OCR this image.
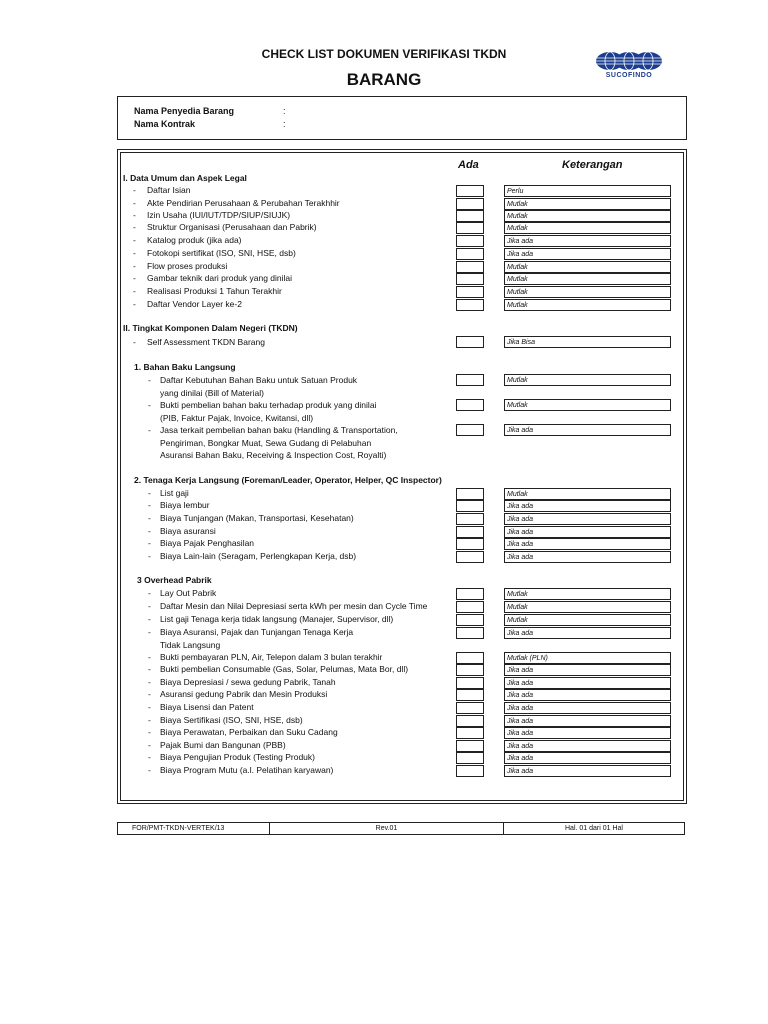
CHECK LIST DOKUMEN VERIFIKASI TKDN
BARANG	SUCOFINDO
Nama Penyedia Barang	:
Nama Kontrak	:
Ada	Keterangan
I. Data Umum dan Aspek Legal
- Daftar Isian	Perlu
- Akte Pendirian Perusahaan & Perubahan Terakhhir	Mutlak
- Izin Usaha (IUI/IUT/TDP/SIUP/SIUJK)	Mutlak
- Struktur Organisasi (Perusahaan dan Pabrik)	Mutlak
- Katalog produk (jika ada)	Jika ada
- Fotokopi sertifikat (ISO, SNI, HSE, dsb)	Jika ada
- Flow proses produksi	Mutlak
- Gambar teknik dari produk yang dinilai	Mutlak
- Realisasi Produksi 1 Tahun Terakhir	Mutlak
- Daftar Vendor Layer ke-2	Mutlak
II. Tingkat Komponen Dalam Negeri (TKDN)
- Self Assessment TKDN Barang	Jika Bisa
1. Bahan Baku Langsung
- Daftar Kebutuhan Bahan Baku untuk Satuan Produk
yang dinilai (Bill of Material)
Mutlak
- Bukti pembelian bahan baku terhadap produk yang dinilai
(PIB, Faktur Pajak, Invoice, Kwitansi, dll)
Mutlak
- Jasa terkait pembelian bahan baku (Handling & Transportation,
Pengiriman, Bongkar Muat, Sewa Gudang di Pelabuhan
Asuransi Bahan Baku, Receiving & Inspection Cost, Royalti)
Jika ada
2. Tenaga Kerja Langsung (Foreman/Leader, Operator, Helper, QC Inspector)
- List gaji	Mutlak
- Biaya lembur	Jika ada
- Biaya Tunjangan (Makan, Transportasi, Kesehatan)	Jika ada
- Biaya asuransi	Jika ada
- Biaya Pajak Penghasilan	Jika ada
- Biaya Lain-lain (Seragam, Perlengkapan Kerja, dsb)	Jika ada
3 Overhead Pabrik
- Lay Out Pabrik	Mutlak
- Daftar Mesin dan Nilai Depresiasi serta kWh per mesin dan Cycle Time	Mutlak
- List gaji Tenaga kerja tidak langsung (Manajer, Supervisor, dll)	Mutlak
- Biaya Asuransi, Pajak dan Tunjangan Tenaga Kerja
Tidak Langsung
Jika ada
- Bukti pembayaran PLN, Air, Telepon dalam 3 bulan terakhir	Mutlak (PLN)
- Bukti pembelian Consumable (Gas, Solar, Pelumas, Mata Bor, dll)	Jika ada
- Biaya Depresiasi / sewa gedung Pabrik, Tanah	Jika ada
- Asuransi gedung Pabrik dan Mesin Produksi	Jika ada
- Biaya Lisensi dan Patent	Jika ada
- Biaya Sertifikasi (ISO, SNI, HSE, dsb)	Jika ada
- Biaya Perawatan, Perbaikan dan Suku Cadang	Jika ada
- Pajak Bumi dan Bangunan (PBB)	Jika ada
- Biaya Pengujian Produk (Testing Produk)	Jika ada
- Biaya Program Mutu (a.l. Pelatihan karyawan)	Jika ada
FOR/PMT-TKDN-VERTEK/13	Rev.01	Hal. 01 dari 01 Hal
